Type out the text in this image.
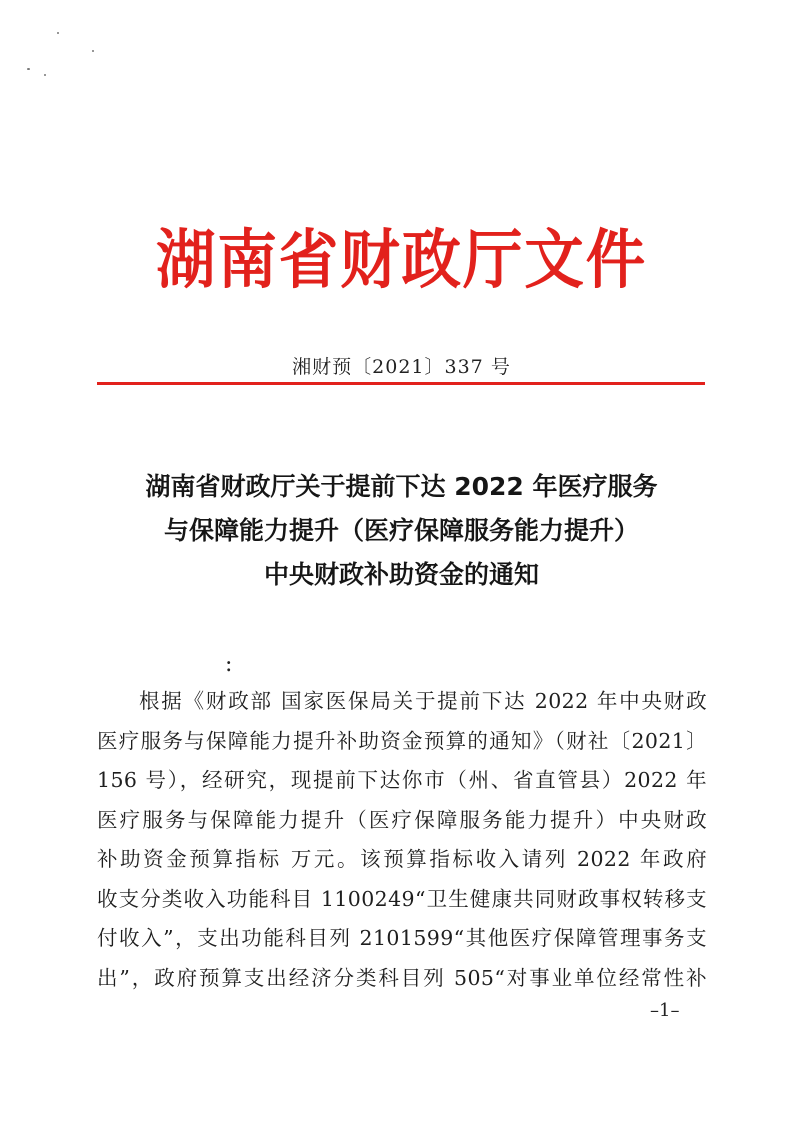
湖南省财政厅文件
湘财预〔2021〕337 号
湖南省财政厅关于提前下达 2022 年医疗服务
与保障能力提升（医疗保障服务能力提升）
中央财政补助资金的通知
:
根据《财政部 国家医保局关于提前下达 2022 年中央财政
医疗服务与保障能力提升补助资金预算的通知》（财社〔2021〕
156 号），经研究，现提前下达你市（州、省直管县）2022 年
医疗服务与保障能力提升（医疗保障服务能力提升）中央财政
补助资金预算指标 万元。该预算指标收入请列 2022 年政府
收支分类收入功能科目 1100249“卫生健康共同财政事权转移支
付收入”，支出功能科目列 2101599“其他医疗保障管理事务支
出”，政府预算支出经济分类科目列 505“对事业单位经常性补
–1–
